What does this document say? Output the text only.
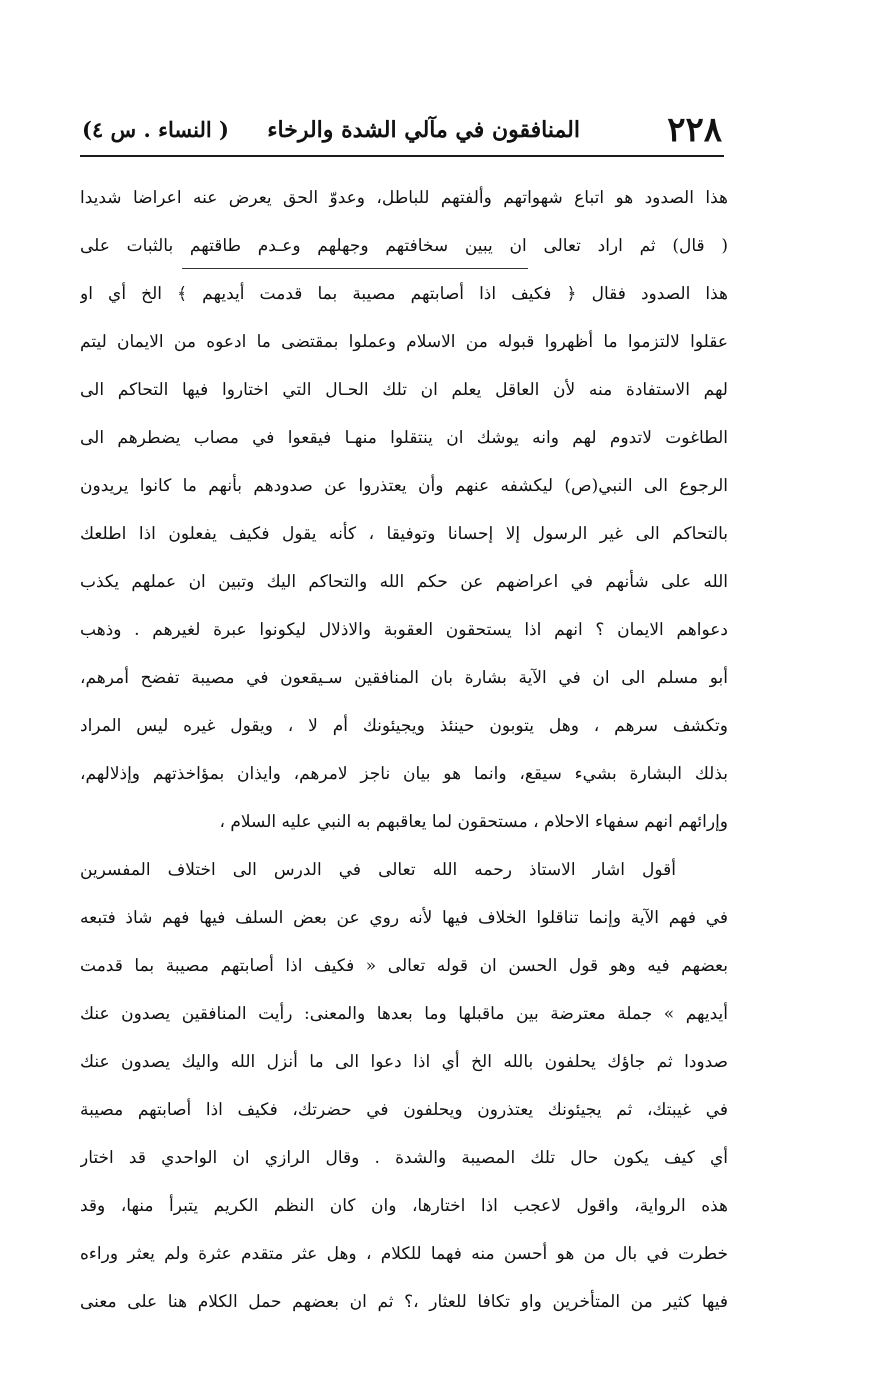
٢٢٨
المنافقون في مآلي الشدة والرخاء
( النساء . س ٤)
هذا الصدود هو اتباع شهواتهم وألفتهم للباطل، وعدوّ الحق يعرض عنه اعراضا شديدا
( قال) ثم اراد تعالى ان يبين سخافتهم وجهلهم وعـدم طاقتهم بالثبات على
هذا الصدود فقال ﴿ فكيف اذا أصابتهم مصيبة بما قدمت أيديهم ﴾ الخ أي او
عقلوا لالتزموا ما أظهروا قبوله من الاسلام وعملوا بمقتضى ما ادعوه من الايمان ليتم
لهم الاستفادة منه لأن العاقل يعلم ان تلك الحـال التي اختاروا فيها التحاكم الى
الطاغوت لاتدوم لهم وانه يوشك ان ينتقلوا منهـا فيقعوا في مصاب يضطرهم الى
الرجوع الى النبي(ص) ليكشفه عنهم وأن يعتذروا عن صدودهم بأنهم ما كانوا يريدون
بالتحاكم الى غير الرسول إلا إحسانا وتوفيقا ، كأنه يقول فكيف يفعلون اذا اطلعك
الله على شأنهم في اعراضهم عن حكم الله والتحاكم اليك وتبين ان عملهم يكذب
دعواهم الايمان ؟ انهم اذا يستحقون العقوبة والاذلال ليكونوا عبرة لغيرهم . وذهب
أبو مسلم الى ان في الآية بشارة بان المنافقين سـيقعون في مصيبة تفضح أمرهم،
وتكشف سرهم ، وهل يتوبون حينئذ ويجيئونك أم لا ، ويقول غيره ليس المراد
بذلك البشارة بشيء سيقع، وانما هو بيان ناجز لامرهم، وايذان بمؤاخذتهم وإذلالهم،
وإرائهم انهم سفهاء الاحلام ، مستحقون لما يعاقبهم به النبي عليه السلام ،
أقول اشار الاستاذ رحمه الله تعالى في الدرس الى اختلاف المفسرين
في فهم الآية وإنما تناقلوا الخلاف فيها لأنه روي عن بعض السلف فيها فهم شاذ فتبعه
بعضهم فيه وهو قول الحسن ان قوله تعالى « فكيف اذا أصابتهم مصيبة بما قدمت
أيديهم » جملة معترضة بين ماقبلها وما بعدها والمعنى: رأيت المنافقين يصدون عنك
صدودا ثم جاؤك يحلفون بالله الخ أي اذا دعوا الى ما أنزل الله واليك يصدون عنك
في غيبتك، ثم يجيئونك يعتذرون ويحلفون في حضرتك، فكيف اذا أصابتهم مصيبة
أي كيف يكون حال تلك المصيبة والشدة . وقال الرازي ان الواحدي قد اختار
هذه الرواية، واقول لاعجب اذا اختارها، وان كان النظم الكريم يتبرأ منها، وقد
خطرت في بال من هو أحسن منه فهما للكلام ، وهل عثر متقدم عثرة ولم يعثر وراءه
فيها كثير من المتأخرين واو تكافا للعثار ،؟ ثم ان بعضهم حمل الكلام هنا على معنى
